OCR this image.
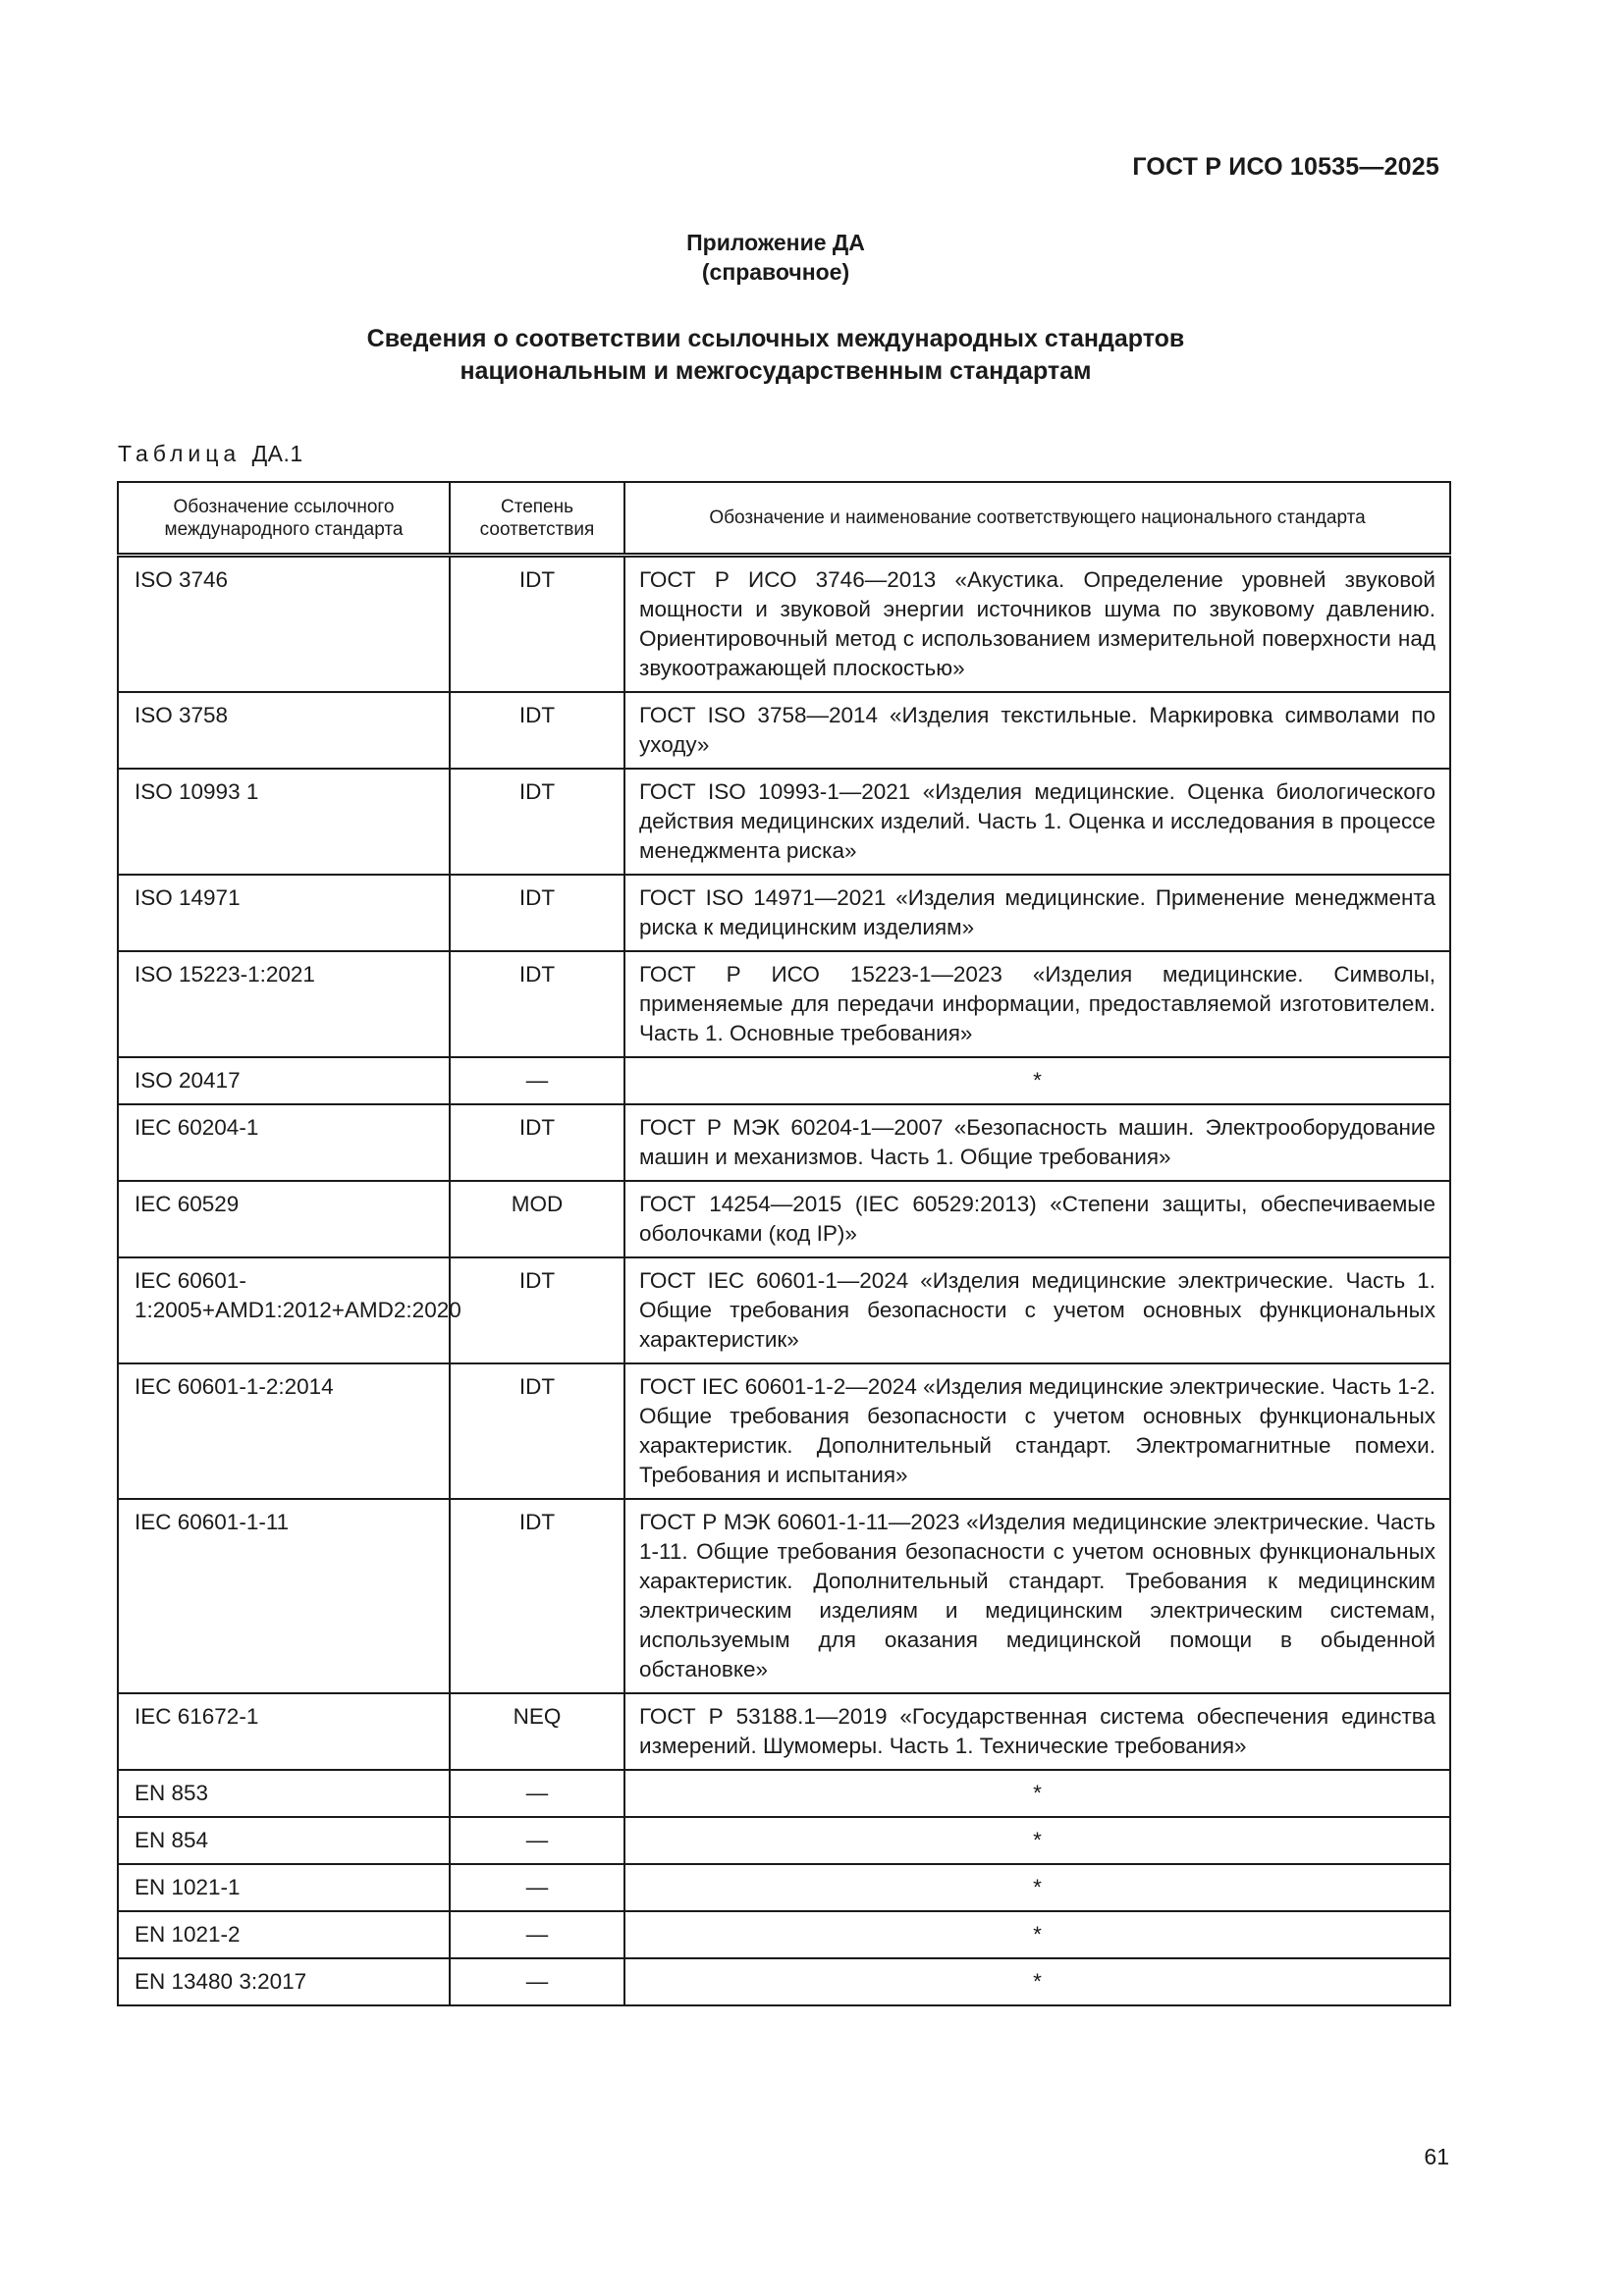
ГОСТ Р ИСО 10535—2025
Приложение ДА
(справочное)
Сведения о соответствии ссылочных международных стандартов
национальным и межгосударственным стандартам
Таблица ДА.1
Обозначение ссылочного международного стандарта	Степень соответствия	Обозначение и наименование соответствующего национального стандарта
ISO 3746	IDT	ГОСТ Р ИСО 3746—2013 «Акустика. Определение уровней звуковой мощности и звуковой энергии источников шума по звуковому давлению. Ориентировочный метод с использованием измерительной поверхности над звукоотражающей плоскостью»
ISO 3758	IDT	ГОСТ ISO 3758—2014 «Изделия текстильные. Маркировка символами по уходу»
ISO 10993 1	IDT	ГОСТ ISO 10993-1—2021 «Изделия медицинские. Оценка биологического действия медицинских изделий. Часть 1. Оценка и исследования в процессе менеджмента риска»
ISO 14971	IDT	ГОСТ ISO 14971—2021 «Изделия медицинские. Применение менеджмента риска к медицинским изделиям»
ISO 15223-1:2021	IDT	ГОСТ Р ИСО 15223-1—2023 «Изделия медицинские. Символы, применяемые для передачи информации, предоставляемой изготовителем. Часть 1. Основные требования»
ISO 20417	—	*
IEC 60204-1	IDT	ГОСТ Р МЭК 60204-1—2007 «Безопасность машин. Электрооборудование машин и механизмов. Часть 1. Общие требования»
IEC 60529	MOD	ГОСТ 14254—2015 (IEC 60529:2013) «Степени защиты, обеспечиваемые оболочками (код IP)»
IEC 60601-1:2005+AMD1:2012+AMD2:2020	IDT	ГОСТ IEC 60601-1—2024 «Изделия медицинские электрические. Часть 1. Общие требования безопасности с учетом основных функциональных характеристик»
IEC 60601-1-2:2014	IDT	ГОСТ IEC 60601-1-2—2024 «Изделия медицинские электрические. Часть 1-2. Общие требования безопасности с учетом основных функциональных характеристик. Дополнительный стандарт. Электромагнитные помехи. Требования и испытания»
IEC 60601-1-11	IDT	ГОСТ Р МЭК 60601-1-11—2023 «Изделия медицинские электрические. Часть 1-11. Общие требования безопасности с учетом основных функциональных характеристик. Дополнительный стандарт. Требования к медицинским электрическим изделиям и медицинским электрическим системам, используемым для оказания медицинской помощи в обыденной обстановке»
IEC 61672-1	NEQ	ГОСТ Р 53188.1—2019 «Государственная система обеспечения единства измерений. Шумомеры. Часть 1. Технические требования»
EN 853	—	*
EN 854	—	*
EN 1021-1	—	*
EN 1021-2	—	*
EN 13480 3:2017	—	*
61
